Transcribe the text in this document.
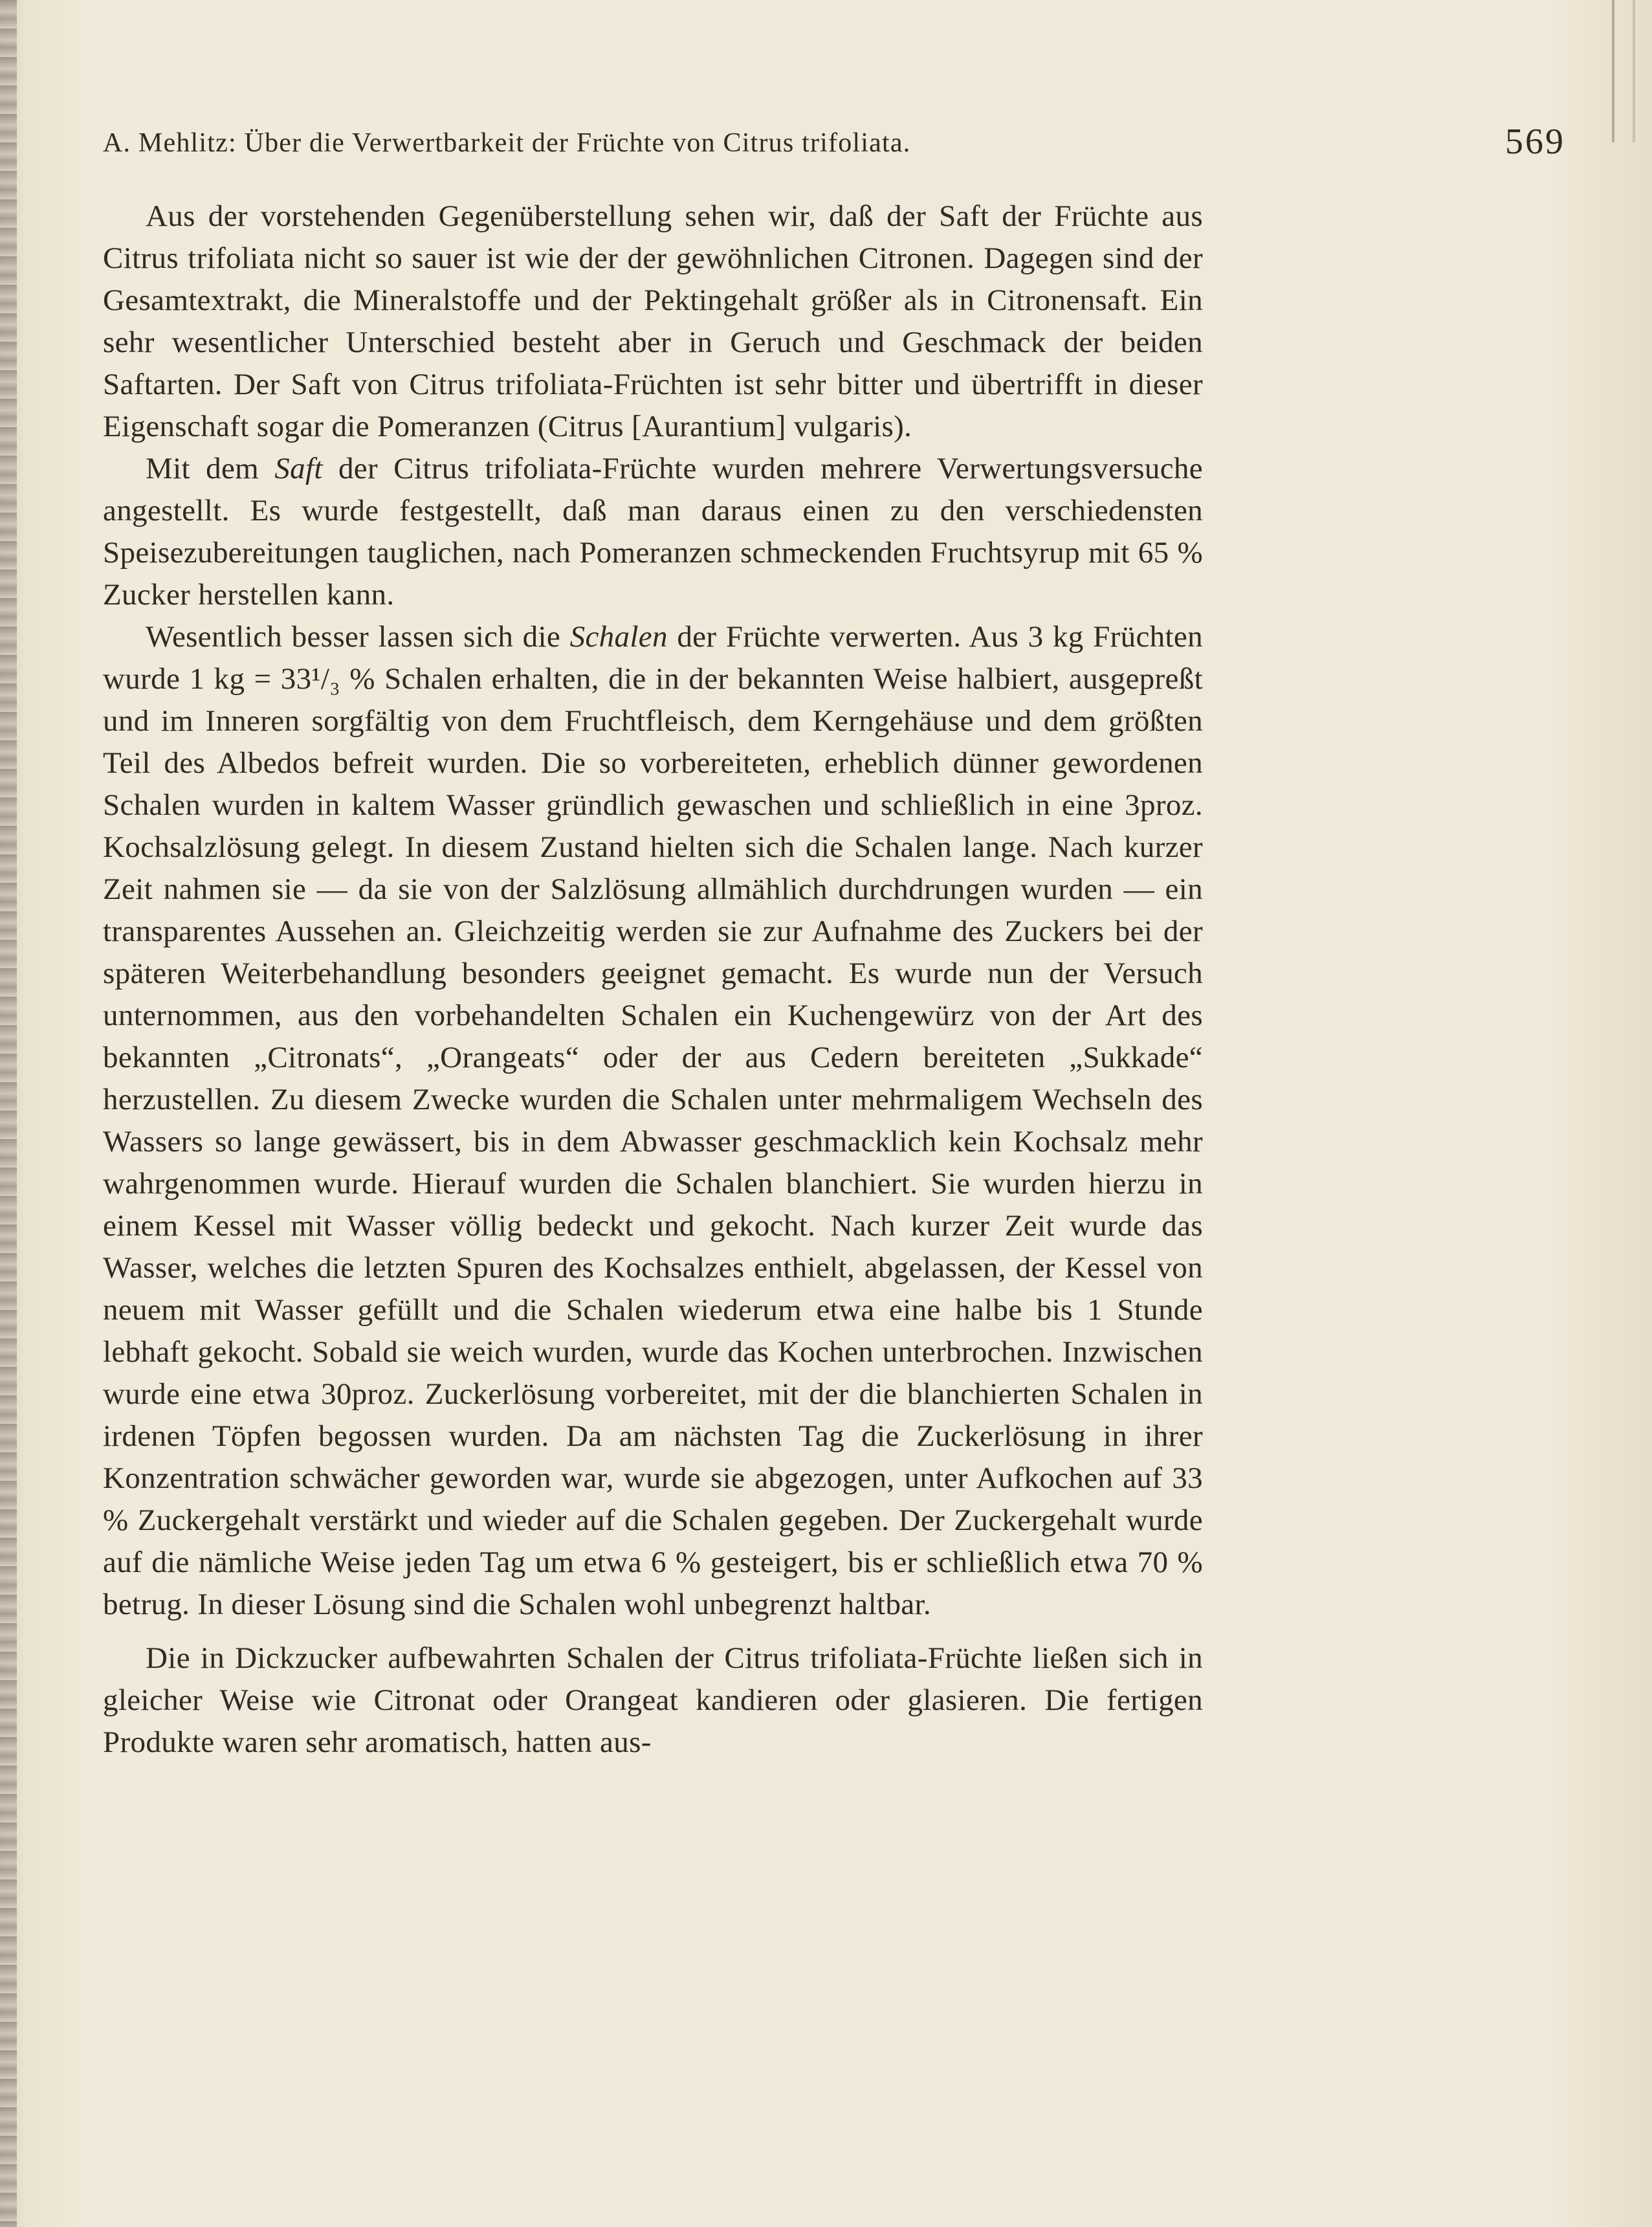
A. Mehlitz: Über die Verwertbarkeit der Früchte von Citrus trifoliata.	569

Aus der vorstehenden Gegenüberstellung sehen wir, daß der Saft der Früchte aus Citrus trifoliata nicht so sauer ist wie der der gewöhnlichen Citronen. Dagegen sind der Gesamtextrakt, die Mineralstoffe und der Pektingehalt größer als in Citronensaft. Ein sehr wesentlicher Unterschied besteht aber in Geruch und Geschmack der beiden Saftarten. Der Saft von Citrus trifoliata-Früchten ist sehr bitter und übertrifft in dieser Eigenschaft sogar die Pomeranzen (Citrus [Aurantium] vulgaris).

Mit dem Saft der Citrus trifoliata-Früchte wurden mehrere Verwertungsversuche angestellt. Es wurde festgestellt, daß man daraus einen zu den verschiedensten Speisezubereitungen tauglichen, nach Pomeranzen schmeckenden Fruchtsyrup mit 65 % Zucker herstellen kann.

Wesentlich besser lassen sich die Schalen der Früchte verwerten. Aus 3 kg Früchten wurde 1 kg = 33¹/₃ % Schalen erhalten, die in der bekannten Weise halbiert, ausgepreßt und im Inneren sorgfältig von dem Fruchtfleisch, dem Kerngehäuse und dem größten Teil des Albedos befreit wurden. Die so vorbereiteten, erheblich dünner gewordenen Schalen wurden in kaltem Wasser gründlich gewaschen und schließlich in eine 3proz. Kochsalzlösung gelegt. In diesem Zustand hielten sich die Schalen lange. Nach kurzer Zeit nahmen sie — da sie von der Salzlösung allmählich durchdrungen wurden — ein transparentes Aussehen an. Gleichzeitig werden sie zur Aufnahme des Zuckers bei der späteren Weiterbehandlung besonders geeignet gemacht. Es wurde nun der Versuch unternommen, aus den vorbehandelten Schalen ein Kuchengewürz von der Art des bekannten „Citronats“, „Orangeats“ oder der aus Cedern bereiteten „Sukkade“ herzustellen. Zu diesem Zwecke wurden die Schalen unter mehrmaligem Wechseln des Wassers so lange gewässert, bis in dem Abwasser geschmacklich kein Kochsalz mehr wahrgenommen wurde. Hierauf wurden die Schalen blanchiert. Sie wurden hierzu in einem Kessel mit Wasser völlig bedeckt und gekocht. Nach kurzer Zeit wurde das Wasser, welches die letzten Spuren des Kochsalzes enthielt, abgelassen, der Kessel von neuem mit Wasser gefüllt und die Schalen wiederum etwa eine halbe bis 1 Stunde lebhaft gekocht. Sobald sie weich wurden, wurde das Kochen unterbrochen. Inzwischen wurde eine etwa 30proz. Zuckerlösung vorbereitet, mit der die blanchierten Schalen in irdenen Töpfen begossen wurden. Da am nächsten Tag die Zuckerlösung in ihrer Konzentration schwächer geworden war, wurde sie abgezogen, unter Aufkochen auf 33 % Zuckergehalt verstärkt und wieder auf die Schalen gegeben. Der Zuckergehalt wurde auf die nämliche Weise jeden Tag um etwa 6 % gesteigert, bis er schließlich etwa 70 % betrug. In dieser Lösung sind die Schalen wohl unbegrenzt haltbar.

Die in Dickzucker aufbewahrten Schalen der Citrus trifoliata-Früchte ließen sich in gleicher Weise wie Citronat oder Orangeat kandieren oder glasieren. Die fertigen Produkte waren sehr aromatisch, hatten aus-
